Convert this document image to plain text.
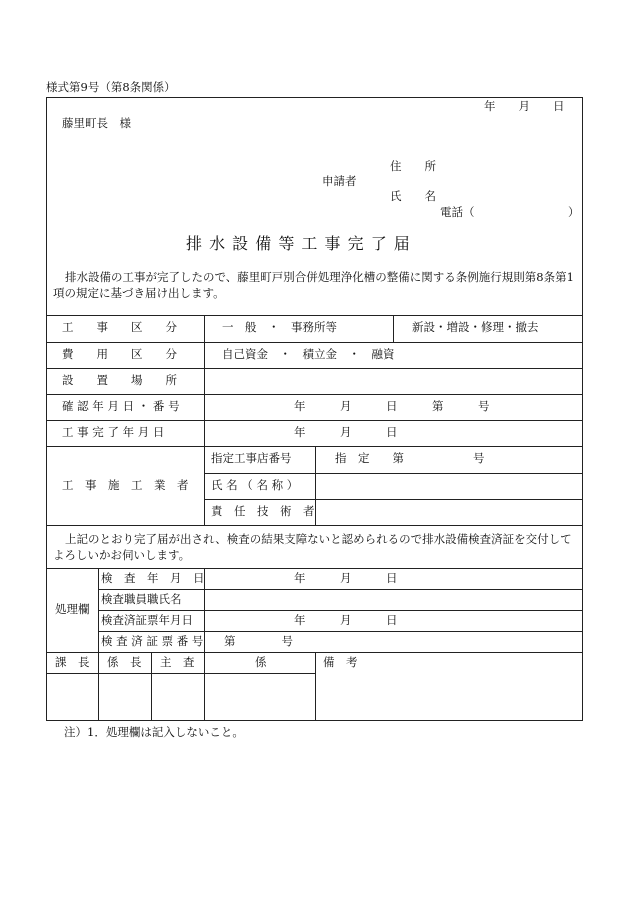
様式第9号（第8条関係）
年　　月　　日
藤里町長　様
住　　所
申請者
氏　　名
電話（	）
排 水 設 備 等 工 事 完 了 届
排水設備の工事が完了したので、藤里町戸別合併処理浄化槽の整備に関する条例施行規則第8条第1項の規定に基づき届け出します。
工　　事　　区　　分	一　般　・　事務所等	新設・増設・修理・撤去
費　　用　　区　　分	自己資金　・　積立金　・　融資
設　　置　　場　　所
確 認 年 月 日 ・ 番 号	年　　　月　　　日　　　第　　　号
工 事 完 了 年 月 日	年　　　月　　　日
工　事　施　工　業　者
指定工事店番号	指　定　　第　　　　　　号
氏 名 （ 名 称 ）
責　任　技　術　者
上記のとおり完了届が出され、検査の結果支障ないと認められるので排水設備検査済証を交付してよろしいかお伺いします。
処理欄
検　査　年　月　日	年　　　月　　　日
検査職員職氏名
検査済証票年月日	年　　　月　　　日
検 査 済 証 票 番 号 第　　　　号
課　長 係　長 主　査	係	備　考
注）1．処理欄は記入しないこと。
